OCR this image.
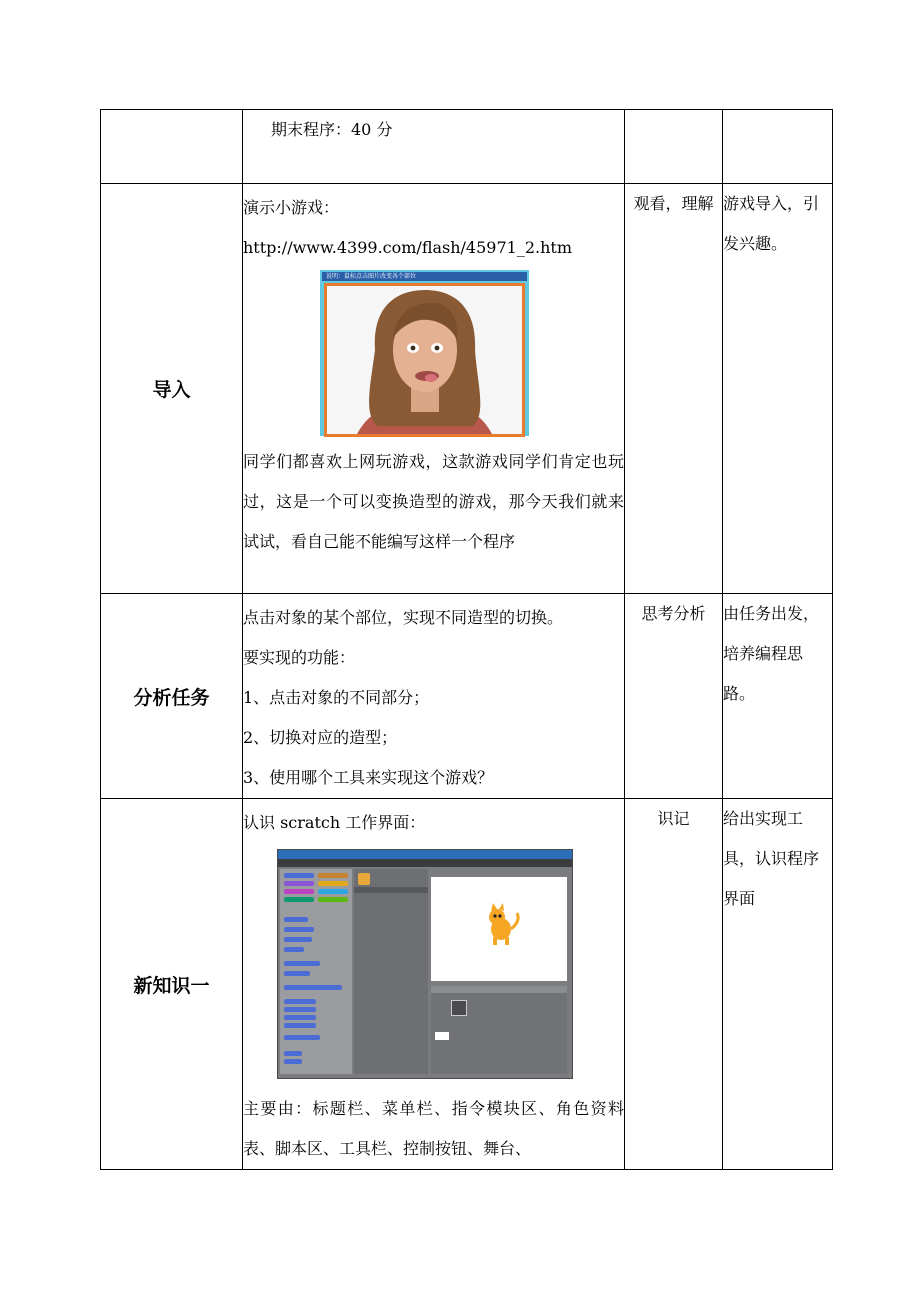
	期末程序：40 分		

导入	演示小游戏：

http://www.4399.com/flash/45971_2.htm

说明：鼠标点击图片改变各个部位

同学们都喜欢上网玩游戏，这款游戏同学们肯定也玩过，这是一个可以变换造型的游戏，那今天我们就来试试，看自己能不能编写这样一个程序	观看，理解	游戏导入，引发兴趣。
分析任务	点击对象的某个部位，实现不同造型的切换。

要实现的功能：

1、点击对象的不同部分；

2、切换对应的造型；

3、使用哪个工具来实现这个游戏？	思考分析	由任务出发，培养编程思路。
新知识一	认识 scratch 工作界面：

主要由：标题栏、菜单栏、指令模块区、角色资料表、脚本区、工具栏、控制按钮、舞台、	识记	给出实现工具，认识程序界面
